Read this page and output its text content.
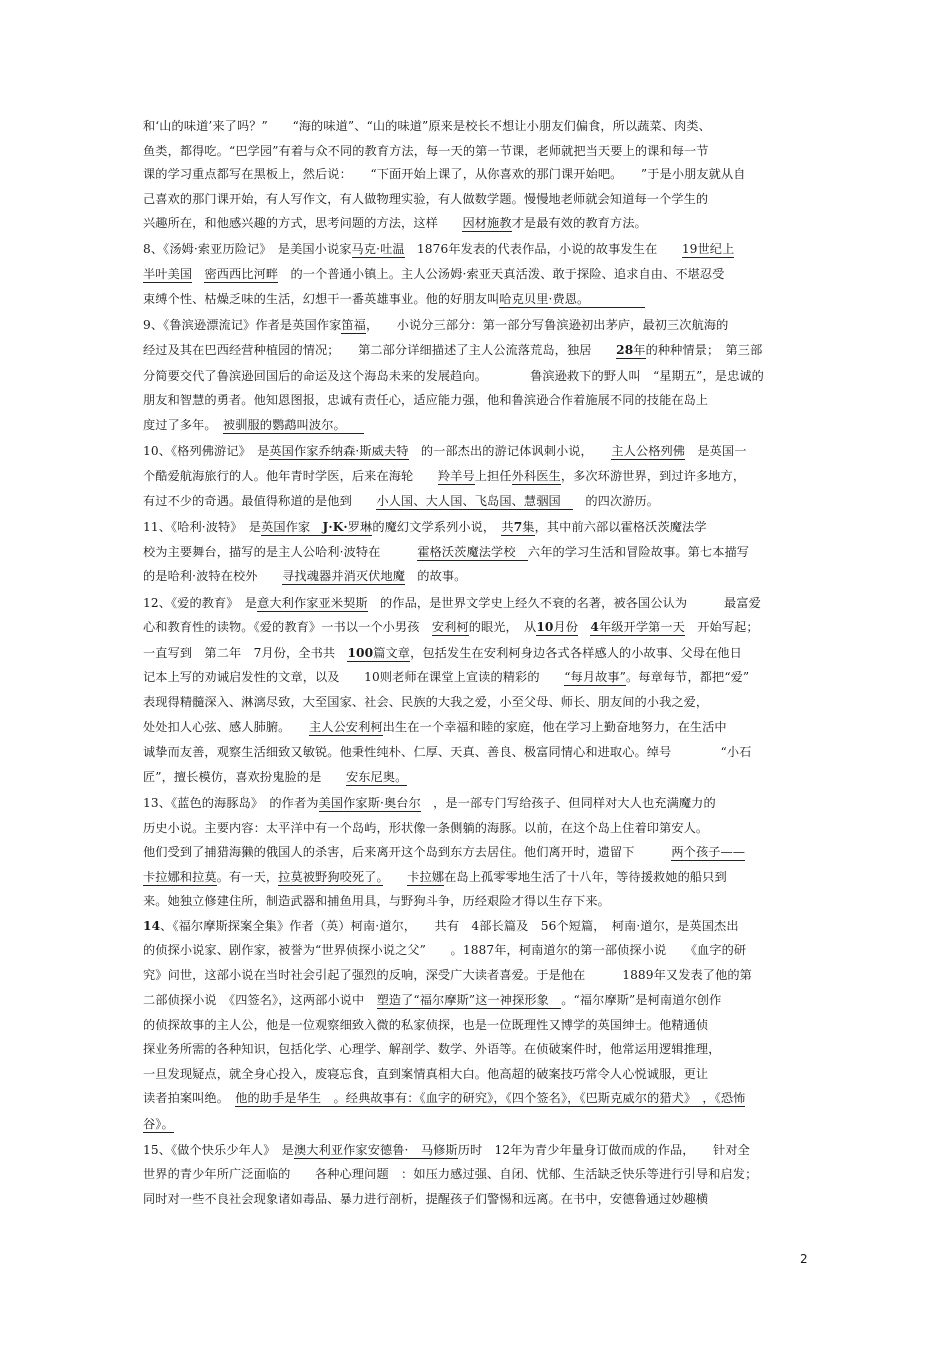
和‘山的味道’来了吗？”　　“海的味道”、“山的味道”原来是校长不想让小朋友们偏食，所以蔬菜、肉类、
鱼类，都得吃。“巴学园”有着与众不同的教育方法，每一天的第一节课，老师就把当天要上的课和每一节
课的学习重点都写在黑板上，然后说：　　“下面开始上课了，从你喜欢的那门课开始吧。　　”于是小朋友就从自
己喜欢的那门课开始，有人写作文，有人做物理实验，有人做数学题。慢慢地老师就会知道每一个学生的
兴趣所在，和他感兴趣的方式，思考问题的方法，这样　　因材施教才是最有效的教育方法。
8、《汤姆·索亚历险记》　是美国小说家马克·吐温　1876年发表的代表作品，小说的故事发生在　　19世纪上
半叶美国　 密西西比河畔　的一个普通小镇上。主人公汤姆·索亚天真活泼、敢于探险、追求自由、不堪忍受
束缚个性、枯燥乏味的生活，幻想干一番英雄事业。他的好朋友叫哈克贝里·费恩。　　　　　
9、《鲁滨逊漂流记》作者是英国作家笛福，　　小说分三部分：第一部分写鲁滨逊初出茅庐，最初三次航海的
经过及其在巴西经营种植园的情况；　　第二部分详细描述了主人公流落荒岛，独居　　28年的种种情景；　第三部
分简要交代了鲁滨逊回国后的命运及这个海岛未来的发展趋向。　　　　鲁滨逊救下的野人叫　“星期五”，是忠诚的
朋友和智慧的勇者。他知恩图报，忠诚有责任心，适应能力强，他和鲁滨逊合作着施展不同的技能在岛上
度过了多年。　被驯服的鹦鹉叫波尔。　　
10、《格列佛游记》　是英国作家乔纳森·斯威夫特　的一部杰出的游记体讽刺小说，　　主人公格列佛　是英国一
个酷爱航海旅行的人。他年青时学医，后来在海轮　　羚羊号上担任外科医生，多次环游世界，到过许多地方，
有过不少的奇遇。最值得称道的是他到　　小人国、大人国、飞岛国、慧骃国　　的四次游历。
11、《哈利·波特》　是英国作家　J·K·罗琳的魔幻文学系列小说，　共7集，其中前六部以霍格沃茨魔法学
校为主要舞台，描写的是主人公哈利·波特在　　　霍格沃茨魔法学校　六年的学习生活和冒险故事。第七本描写
的是哈利·波特在校外　　寻找魂器并消灭伏地魔　的故事。
12、《爱的教育》　是意大利作家亚米契斯　的作品，是世界文学史上经久不衰的名著，被各国公认为　　　最富爱
心和教育性的读物。《爱的教育》一书以一个小男孩　安利柯的眼光，　从10月份　 4年级开学第一天　开始写起；
一直写到　第二年　7月份，全书共　100篇文章，包括发生在安利柯身边各式各样感人的小故事、父母在他日
记本上写的劝诫启发性的文章，以及　　10则老师在课堂上宣读的精彩的　　“每月故事”。每章每节，都把“爱”
表现得精髓深入、淋漓尽致，大至国家、社会、民族的大我之爱，小至父母、师长、朋友间的小我之爱，
处处扣人心弦、感人肺腑。　　主人公安利柯出生在一个幸福和睦的家庭，他在学习上勤奋地努力，在生活中
诚挚而友善，观察生活细致又敏锐。他秉性纯朴、仁厚、天真、善良、极富同情心和进取心。绰号　　　　“小石
匠”，擅长模仿，喜欢扮鬼脸的是　　安东尼奥。
13、《蓝色的海豚岛》　的作者为美国作家斯·奥台尔　，是一部专门写给孩子、但同样对大人也充满魔力的
历史小说。主要内容：太平洋中有一个岛屿，形状像一条侧躺的海豚。以前，在这个岛上住着印第安人。
他们受到了捕猎海獭的俄国人的杀害，后来离开这个岛到东方去居住。他们离开时，遗留下　　　两个孩子——
卡拉娜和拉莫。有一天，拉莫被野狗咬死了。　　 卡拉娜在岛上孤零零地生活了十八年，等待援救她的船只到
来。她独立修建住所，制造武器和捕鱼用具，与野狗斗争，历经艰险才得以生存下来。
14、《福尔摩斯探案全集》作者（英）柯南·道尔，　　共有　4部长篇及　56个短篇，　柯南·道尔，是英国杰出
的侦探小说家、剧作家，被誉为“世界侦探小说之父”　　。1887年，柯南道尔的第一部侦探小说　　《血字的研
究》问世，这部小说在当时社会引起了强烈的反响，深受广大读者喜爱。于是他在　　　1889年又发表了他的第
二部侦探小说　《四签名》，这两部小说中　塑造了“福尔摩斯”这一神探形象　。“福尔摩斯”是柯南道尔创作
的侦探故事的主人公，他是一位观察细致入微的私家侦探，也是一位既理性又博学的英国绅士。他精通侦
探业务所需的各种知识，包括化学、心理学、解剖学、数学、外语等。在侦破案件时，他常运用逻辑推理，
一旦发现疑点，就全身心投入，废寝忘食，直到案情真相大白。他高超的破案技巧常令人心悦诚服，更让
读者拍案叫绝。　他的助手是华生　。经典故事有：《血字的研究》，《四个签名》，《巴斯克威尔的猎犬》　，《恐怖
谷》。
15、《做个快乐少年人》　是澳大利亚作家安德鲁·　马修斯历时　12年为青少年量身订做而成的作品，　　针对全
世界的青少年所广泛面临的　　各种心理问题　：如压力感过强、自闭、忧郁、生活缺乏快乐等进行引导和启发；
同时对一些不良社会现象诸如毒品、暴力进行剖析，提醒孩子们警惕和远离。在书中，安德鲁通过妙趣横
2
